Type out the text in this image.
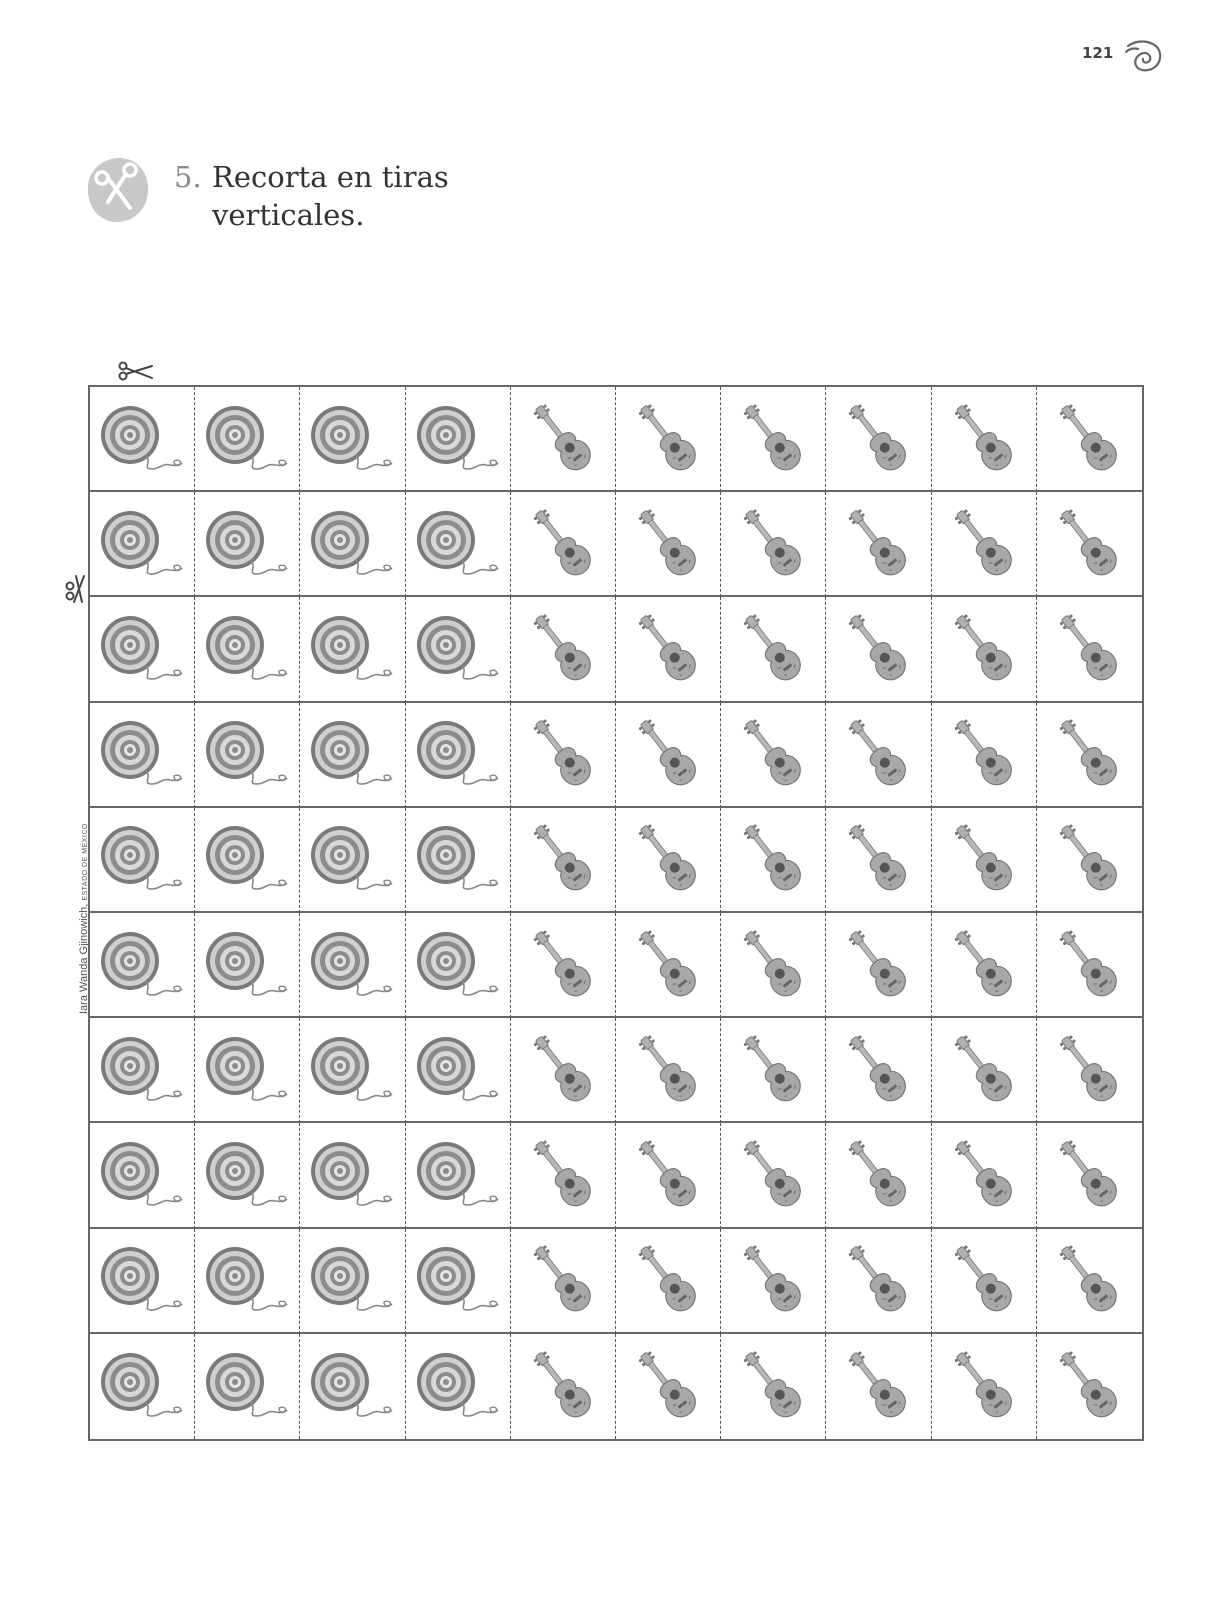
121
5. Recorta en tiras
verticales.
Iara Wanda Gjinowich, ESTADO DE MÉXICO
